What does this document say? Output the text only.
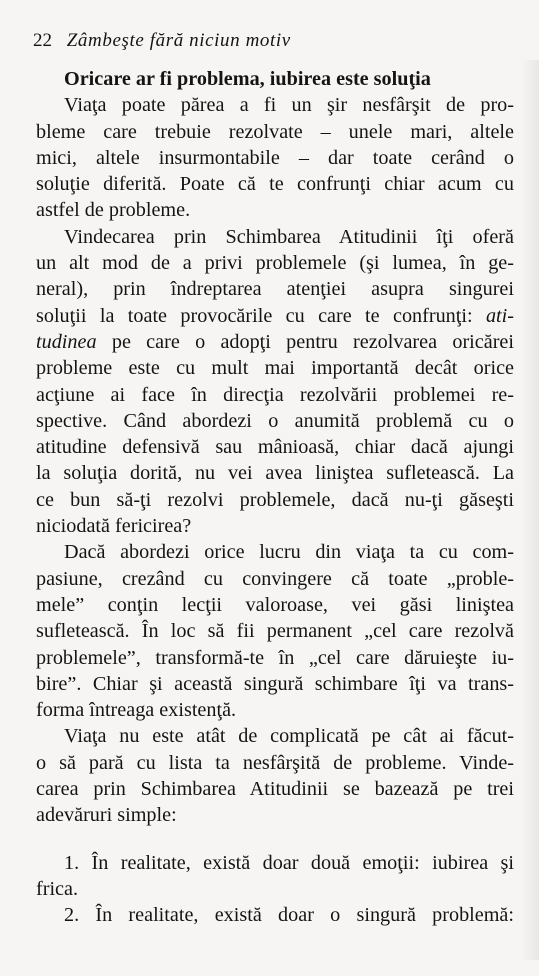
22 Zâmbeşte fără niciun motiv
Oricare ar fi problema, iubirea este soluţia
Viaţa poate părea a fi un şir nesfârşit de pro-
bleme care trebuie rezolvate – unele mari, altele
mici, altele insurmontabile – dar toate cerând o
soluţie diferită. Poate că te confrunţi chiar acum cu
astfel de probleme.
Vindecarea prin Schimbarea Atitudinii îţi oferă
un alt mod de a privi problemele (şi lumea, în ge-
neral), prin îndreptarea atenţiei asupra singurei
soluţii la toate provocările cu care te confrunţi: ati-
tudinea pe care o adopţi pentru rezolvarea oricărei
probleme este cu mult mai importantă decât orice
acţiune ai face în direcţia rezolvării problemei re-
spective. Când abordezi o anumită problemă cu o
atitudine defensivă sau mânioasă, chiar dacă ajungi
la soluţia dorită, nu vei avea liniştea sufletească. La
ce bun să-ţi rezolvi problemele, dacă nu-ţi găseşti
niciodată fericirea?
Dacă abordezi orice lucru din viaţa ta cu com-
pasiune, crezând cu convingere că toate „proble-
mele” conţin lecţii valoroase, vei găsi liniştea
sufletească. În loc să fii permanent „cel care rezolvă
problemele”, transformă-te în „cel care dăruieşte iu-
bire”. Chiar şi această singură schimbare îţi va trans-
forma întreaga existenţă.
Viaţa nu este atât de complicată pe cât ai făcut-
o să pară cu lista ta nesfârşită de probleme. Vinde-
carea prin Schimbarea Atitudinii se bazează pe trei
adevăruri simple:
1. În realitate, există doar două emoţii: iubirea şi
frica.
2. În realitate, există doar o singură problemă:
